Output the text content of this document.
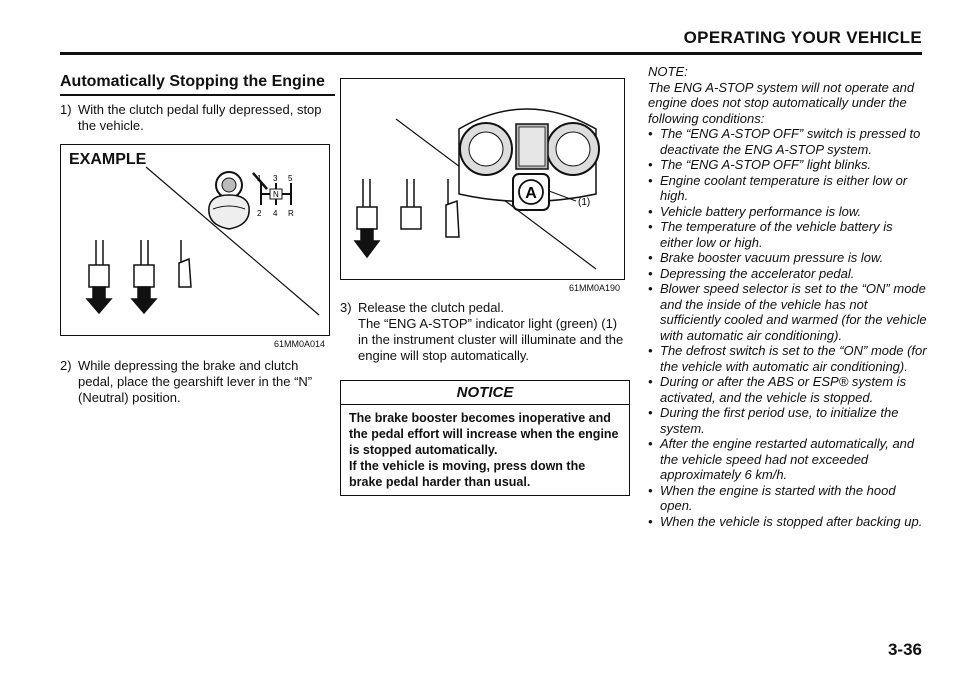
OPERATING YOUR VEHICLE
Automatically Stopping the Engine
1) With the clutch pedal fully depressed, stop the vehicle.
EXAMPLE
1 3 5
N
2 4 R
61MM0A014
2) While depressing the brake and clutch pedal, place the gearshift lever in the “N” (Neutral) position.
A
(1)
61MM0A190
3) Release the clutch pedal.
The “ENG A-STOP” indicator light (green) (1) in the instrument cluster will illuminate and the engine will stop automatically.
NOTICE
The brake booster becomes inoperative and the pedal effort will increase when the engine is stopped automatically.
If the vehicle is moving, press down the brake pedal harder than usual.

NOTE:

The ENG A-STOP system will not operate and engine does not stop automatically under the following conditions:

• The “ENG A-STOP OFF” switch is pressed to deactivate the ENG A-STOP system.
• The “ENG A-STOP OFF” light blinks.
• Engine coolant temperature is either low or high.
• Vehicle battery performance is low.
• The temperature of the vehicle battery is either low or high.
• Brake booster vacuum pressure is low.
• Depressing the accelerator pedal.
• Blower speed selector is set to the “ON” mode and the inside of the vehicle has not sufficiently cooled and warmed (for the vehicle with automatic air conditioning).
• The defrost switch is set to the “ON” mode (for the vehicle with automatic air conditioning).
• During or after the ABS or ESP® system is activated, and the vehicle is stopped.
• During the first period use, to initialize the system.
• After the engine restarted automatically, and the vehicle speed had not exceeded approximately 6 km/h.
• When the engine is started with the hood open.
• When the vehicle is stopped after backing up.
3-36
